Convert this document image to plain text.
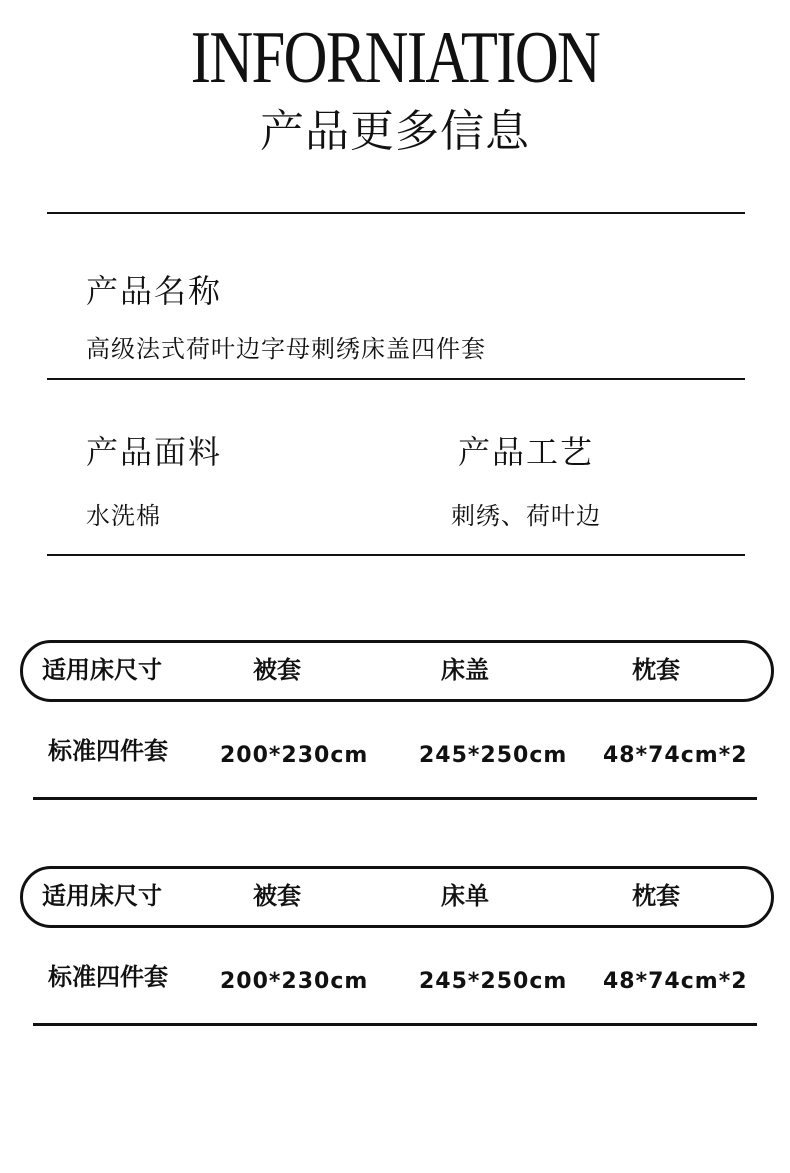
INFORNIATION
产品更多信息
产品名称
高级法式荷叶边字母刺绣床盖四件套
产品面料
水洗棉
产品工艺
刺绣、荷叶边
适用床尺寸	被套	床盖	枕套
标准四件套 200*230cm 245*250cm 48*74cm*2
适用床尺寸	被套	床单	枕套
标准四件套 200*230cm 245*250cm 48*74cm*2
